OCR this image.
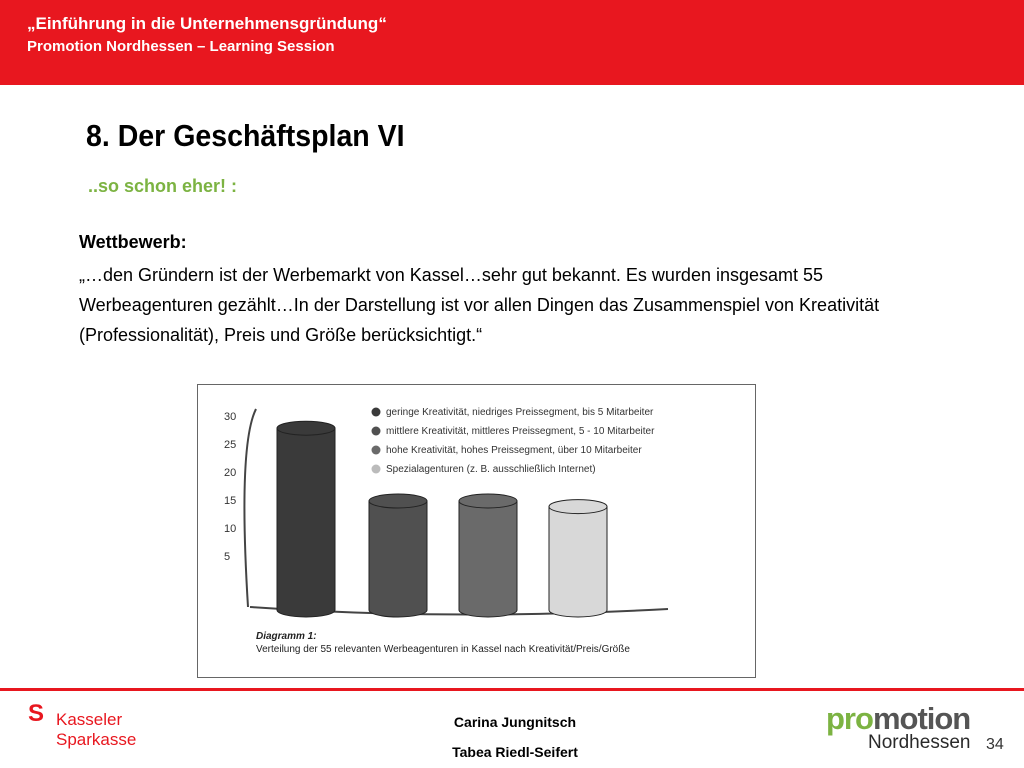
„Einführung in die Unternehmensgründung“
Promotion Nordhessen – Learning Session
8. Der Geschäftsplan VI
..so schon eher! :
Wettbewerb:
„…den Gründern ist der Werbemarkt von Kassel…sehr gut bekannt. Es wurden insgesamt 55 Werbeagenturen gezählt…In der Darstellung ist vor allen Dingen das Zusammenspiel von Kreativität (Professionalität), Preis und Größe berücksichtigt.“
5
10
15
20
25
30	geringe Kreativität, niedriges Preissegment, bis 5 Mitarbeiter
mittlere Kreativität, mittleres Preissegment, 5 - 10 Mitarbeiter
hohe Kreativität, hohes Preissegment, über 10 Mitarbeiter
Spezialagenturen (z. B. ausschließlich Internet)
Diagramm 1:
Verteilung der 55 relevanten Werbeagenturen in Kassel nach Kreativität/Preis/Größe
S Kasseler
Sparkasse
Carina Jungnitsch
Tabea Riedl-Seifert
promotion
Nordhessen 34
